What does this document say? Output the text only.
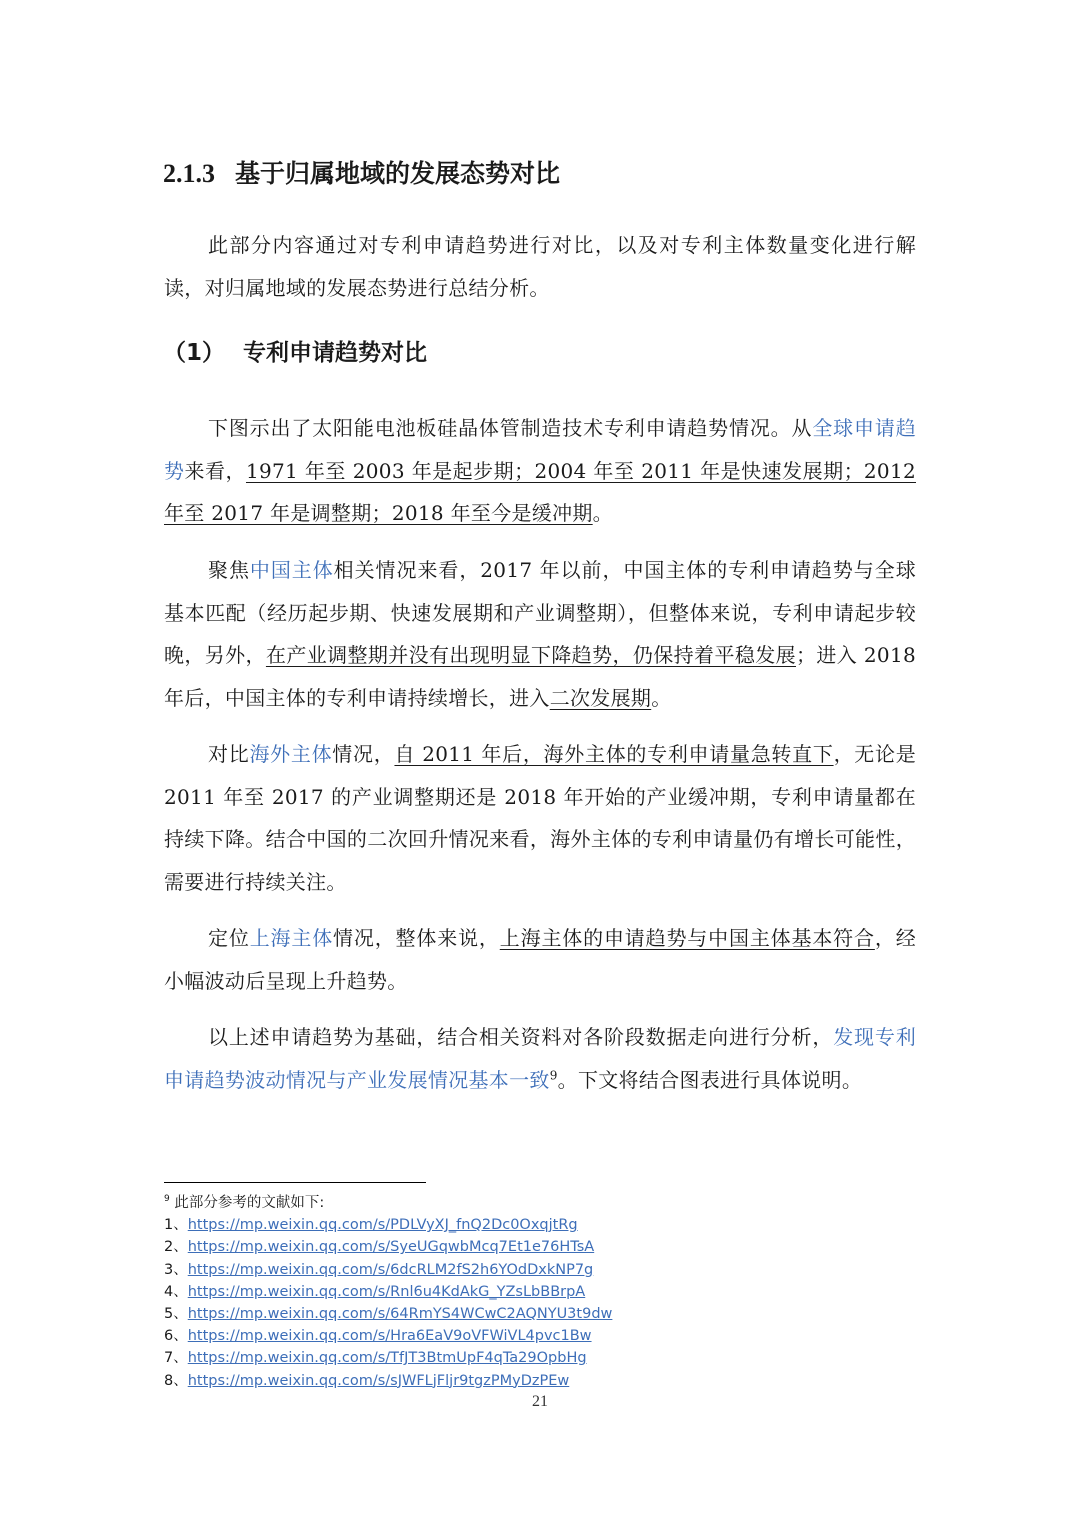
2.1.3 基于归属地域的发展态势对比

此部分内容通过对专利申请趋势进行对比，以及对专利主体数量变化进行解读，对归属地域的发展态势进行总结分析。

（1） 专利申请趋势对比

下图示出了太阳能电池板硅晶体管制造技术专利申请趋势情况。从全球申请趋势来看，1971 年至 2003 年是起步期；2004 年至 2011 年是快速发展期；2012 年至 2017 年是调整期；2018 年至今是缓冲期。

聚焦中国主体相关情况来看，2017 年以前，中国主体的专利申请趋势与全球基本匹配（经历起步期、快速发展期和产业调整期），但整体来说，专利申请起步较晚，另外，在产业调整期并没有出现明显下降趋势，仍保持着平稳发展；进入 2018 年后，中国主体的专利申请持续增长，进入二次发展期。

对比海外主体情况，自 2011 年后，海外主体的专利申请量急转直下，无论是 2011 年至 2017 的产业调整期还是 2018 年开始的产业缓冲期，专利申请量都在持续下降。结合中国的二次回升情况来看，海外主体的专利申请量仍有增长可能性，需要进行持续关注。

定位上海主体情况，整体来说，上海主体的申请趋势与中国主体基本符合，经小幅波动后呈现上升趋势。

以上述申请趋势为基础，结合相关资料对各阶段数据走向进行分析，发现专利申请趋势波动情况与产业发展情况基本一致$^9$。下文将结合图表进行具体说明。

$^9$ 此部分参考的文献如下:
1、https://mp.weixin.qq.com/s/PDLVyXJ_fnQ2Dc0OxqjtRg
2、https://mp.weixin.qq.com/s/SyeUGqwbMcq7Et1e76HTsA
3、https://mp.weixin.qq.com/s/6dcRLM2fS2h6YOdDxkNP7g
4、https://mp.weixin.qq.com/s/Rnl6u4KdAkG_YZsLbBBrpA
5、https://mp.weixin.qq.com/s/64RmYS4WCwC2AQNYU3t9dw
6、https://mp.weixin.qq.com/s/Hra6EaV9oVFWiVL4pvc1Bw
7、https://mp.weixin.qq.com/s/TfJT3BtmUpF4qTa29OpbHg
8、https://mp.weixin.qq.com/s/sJWFLjFljr9tgzPMyDzPEw
21
